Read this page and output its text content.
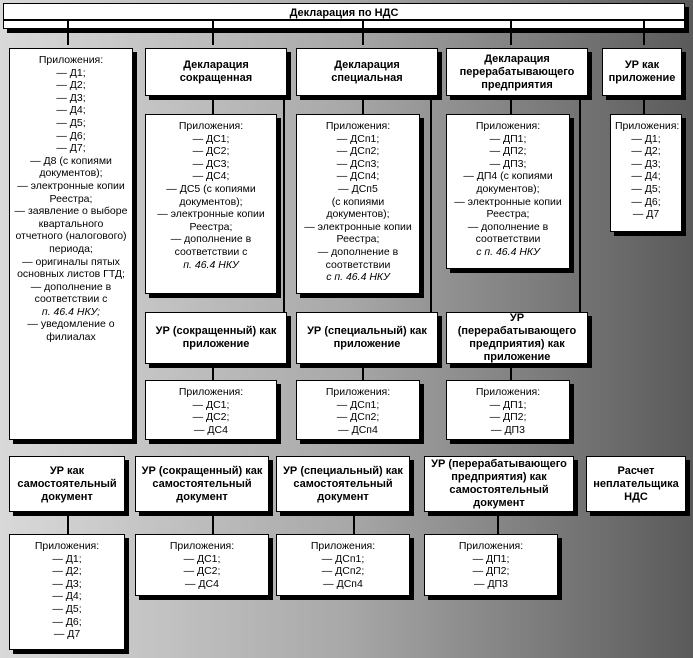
Декларация по НДС
Приложения:
— Д1;
— Д2;
— Д3;
— Д4;
— Д5;
— Д6;
— Д7;
— Д8 (с копиями документов);
— электронные копии Реестра;
— заявление о выборе квартального отчетного (налогового) периода;
— оригиналы пятых основных листов ГТД;
— дополнение в соответствии с
п. 46.4 НКУ;
— уведомление о филиалах
Декларация сокращенная
Приложения:
— ДС1;
— ДС2;
— ДС3;
— ДС4;
— ДС5 (с копиями документов);
— электронные копии Реестра;
— дополнение в соответствии с
п. 46.4 НКУ
УР (сокращенный) как приложение
Приложения:
— ДС1;
— ДС2;
— ДС4
Декларация специальная
Приложения:
— ДСп1;
— ДСп2;
— ДСп3;
— ДСп4;
— ДСп5
(с копиями документов);
— электронные копии Реестра;
— дополнение в соответствии
с п. 46.4 НКУ
УР (специальный) как приложение
Приложения:
— ДСп1;
— ДСп2;
— ДСп4
Декларация перерабатывающего предприятия
Приложения:
— ДП1;
— ДП2;
— ДП3;
— ДП4 (с копиями документов);
— электронные копии Реестра;
— дополнение в соответствии
с п. 46.4 НКУ
УР (перерабатывающего предприятия) как приложение
Приложения:
— ДП1;
— ДП2;
— ДП3
УР как приложение
Приложения:
— Д1;
— Д2;
— Д3;
— Д4;
— Д5;
— Д6;
— Д7
УР как самостоятельный документ
Приложения:
— Д1;
— Д2;
— Д3;
— Д4;
— Д5;
— Д6;
— Д7
УР (сокращенный) как самостоятельный документ
Приложения:
— ДС1;
— ДС2;
— ДС4
УР (специальный) как самостоятельный документ
Приложения:
— ДСп1;
— ДСп2;
— ДСп4
УР (перерабатывающего предприятия) как самостоятельный документ
Приложения:
— ДП1;
— ДП2;
— ДП3
Расчет неплательщика НДС
